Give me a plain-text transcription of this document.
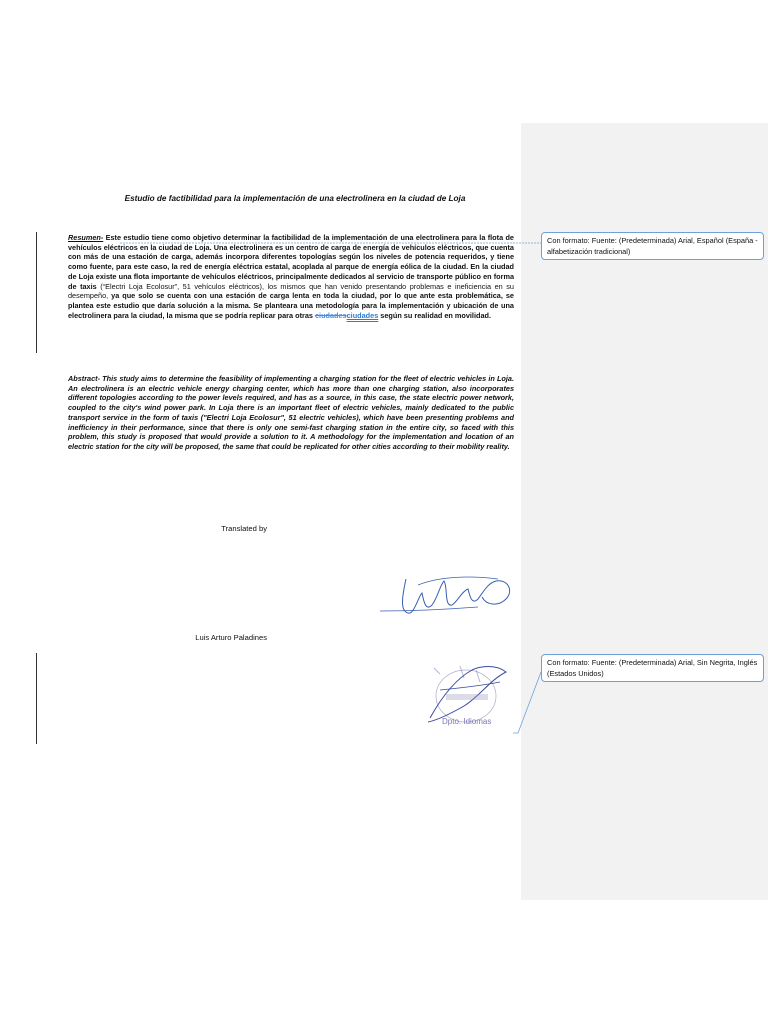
Estudio de factibilidad para la implementación de una electrolinera en la ciudad de Loja
Resumen- Este estudio tiene como objetivo determinar la factibilidad de la implementación de una electrolinera para la flota de vehículos eléctricos en la ciudad de Loja. Una electrolinera es un centro de carga de energía de vehículos eléctricos, que cuenta con más de una estación de carga, además incorpora diferentes topologías según los niveles de potencia requeridos, y tiene como fuente, para este caso, la red de energía eléctrica estatal, acoplada al parque de energía eólica de la ciudad. En la ciudad de Loja existe una flota importante de vehículos eléctricos, principalmente dedicados al servicio de transporte público en forma de taxis (“Electri Loja Ecolosur”, 51 vehículos eléctricos), los mismos que han venido presentando problemas e ineficiencia en su desempeño, ya que solo se cuenta con una estación de carga lenta en toda la ciudad, por lo que ante esta problemática, se plantea este estudio que daría solución a la misma. Se planteara una metodología para la implementación y ubicación de una electrolinera para la ciudad, la misma que se podría replicar para otras ciudadesciudades según su realidad en movilidad.
Abstract- This study aims to determine the feasibility of implementing a charging station for the fleet of electric vehicles in Loja. An electrolinera is an electric vehicle energy charging center, which has more than one charging station, also incorporates different topologies according to the power levels required, and has as a source, in this case, the state electric power network, coupled to the city's wind power park. In Loja there is an important fleet of electric vehicles, mainly dedicated to the public transport service in the form of taxis ("Electri Loja Ecolosur", 51 electric vehicles), which have been presenting problems and inefficiency in their performance, since that there is only one semi-fast charging station in the entire city, so faced with this problem, this study is proposed that would provide a solution to it. A methodology for the implementation and location of an electric station for the city will be proposed, the same that could be replicated for other cities according to their mobility reality.
Translated by
Luis Arturo Paladines
Dpto. Idiomas
Con formato: Fuente: (Predeterminada) Arial, Español (España - alfabetización tradicional)
Con formato: Fuente: (Predeterminada) Arial, Sin Negrita, Inglés (Estados Unidos)
